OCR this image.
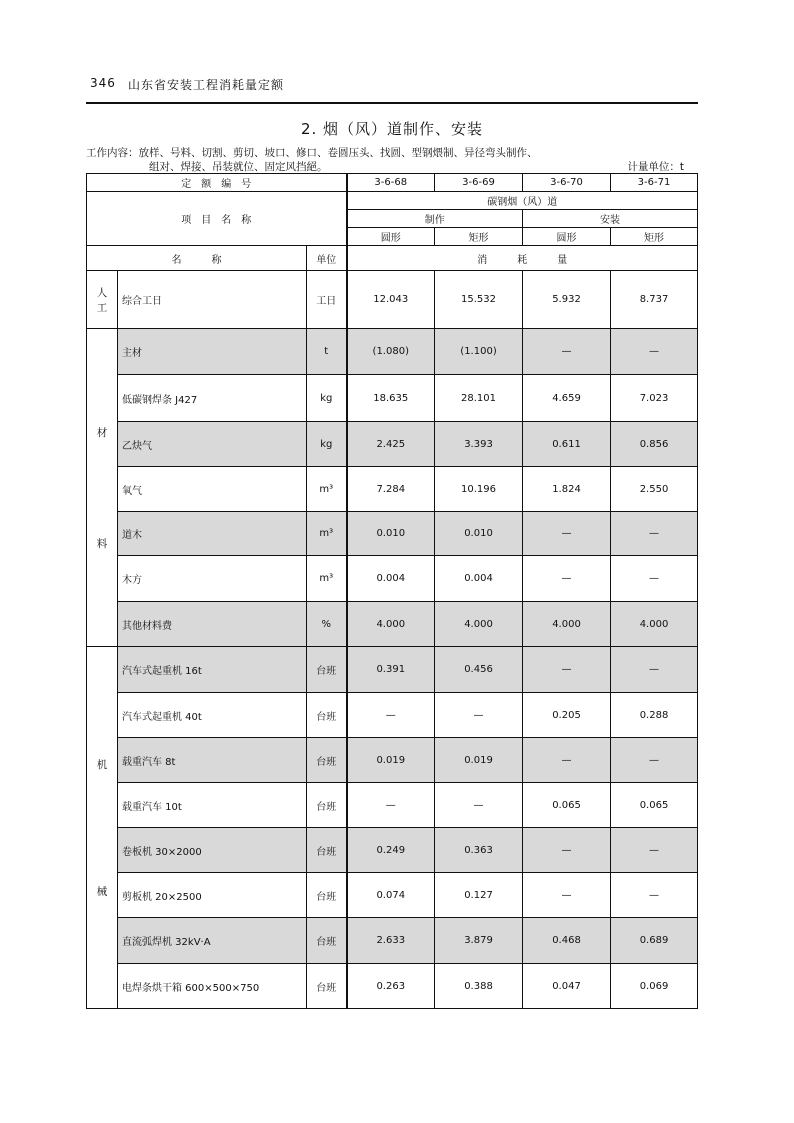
346 山东省安装工程消耗量定额
2. 烟（风）道制作、安装
工作内容：放样、号料、切割、剪切、坡口、修口、卷圆压头、找圆、型钢煨制、异径弯头制作、
组对、焊接、吊装就位、固定风挡絕。	计量单位：t
定　额　编　号			3-6-68	3-6-69	3-6-70	3-6-71
项　目　名　称			碳钢烟（风）道			
			制作		安装	
			圆形	矩形	圆形	矩形
名　　　称		单位	消　　　耗　　　量			

人
工	综合工日	工日	12.043	15.532	5.932	8.737

材
料	主材	t	(1.080)	(1.100)	—	—
	低碳钢焊条 J427	kg	18.635	28.101	4.659	7.023
	乙炔气	kg	2.425	3.393	0.611	0.856
	氧气	m³	7.284	10.196	1.824	2.550
	道木	m³	0.010	0.010	—	—
	木方	m³	0.004	0.004	—	—
	其他材料费	%	4.000	4.000	4.000	4.000

机
械	汽车式起重机 16t	台班	0.391	0.456	—	—
	汽车式起重机 40t	台班	—	—	0.205	0.288
	载重汽车 8t	台班	0.019	0.019	—	—
	载重汽车 10t	台班	—	—	0.065	0.065
	卷板机 30×2000	台班	0.249	0.363	—	—
	剪板机 20×2500	台班	0.074	0.127	—	—
	直流弧焊机 32kV·A	台班	2.633	3.879	0.468	0.689
	电焊条烘干箱 600×500×750	台班	0.263	0.388	0.047	0.069
